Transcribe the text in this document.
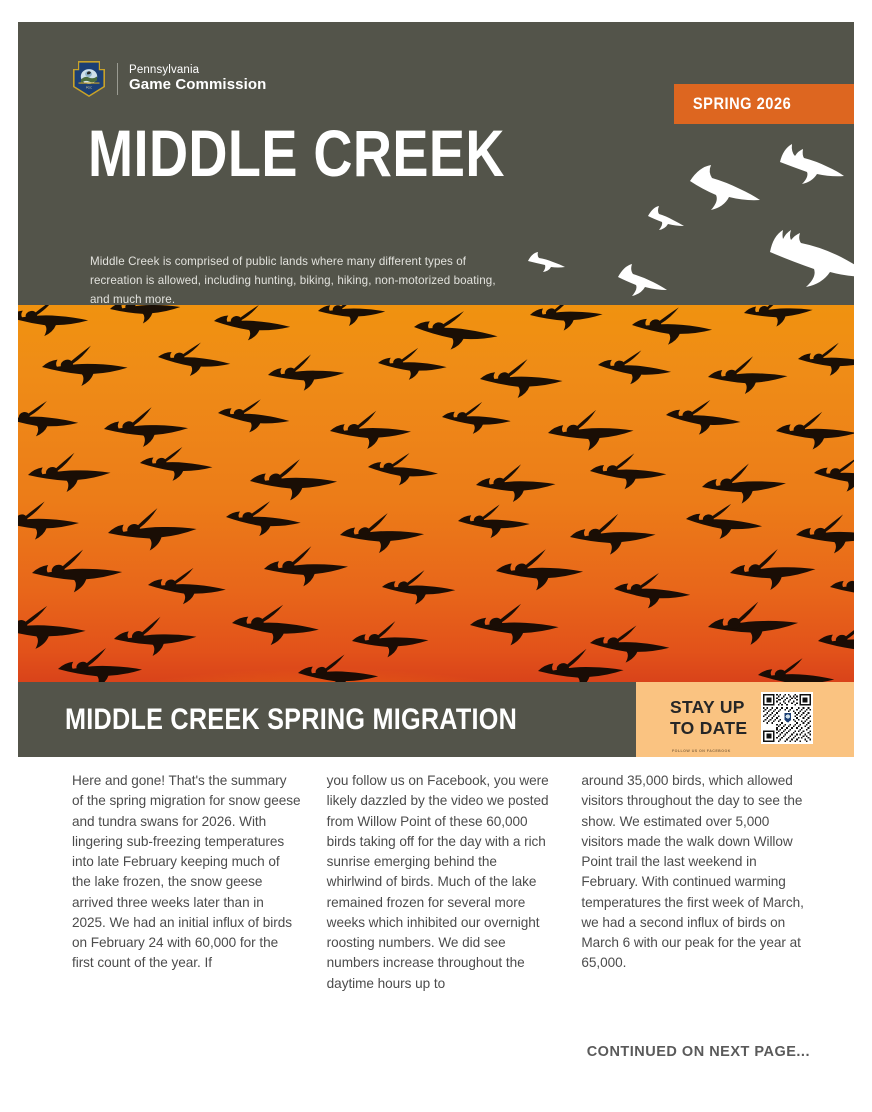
PGC
Pennsylvania
Game Commission
MIDDLE CREEK

Middle Creek is comprised of public lands where many different types of recreation is allowed, including hunting, biking, hiking, non-motorized boating, and much more.

SPRING 2026
MIDDLE CREEK SPRING MIGRATION	STAY UP
TO DATE
FOLLOW US ON FACEBOOK

Here and gone! That's the summary of the spring migration for snow geese and tundra swans for 2026. With lingering sub-freezing temperatures into late February keeping much of the lake frozen, the snow geese arrived three weeks later than in 2025. We had an initial influx of birds on February 24 with 60,000 for the first count of the year. If

you follow us on Facebook, you were likely dazzled by the video we posted from Willow Point of these 60,000 birds taking off for the day with a rich sunrise emerging behind the whirlwind of birds. Much of the lake remained frozen for several more weeks which inhibited our overnight roosting numbers. We did see numbers increase throughout the daytime hours up to

around 35,000 birds, which allowed visitors throughout the day to see the show. We estimated over 5,000 visitors made the walk down Willow Point trail the last weekend in February. With continued warming temperatures the first week of March, we had a second influx of birds on March 6 with our peak for the year at 65,000.

CONTINUED ON NEXT PAGE...
